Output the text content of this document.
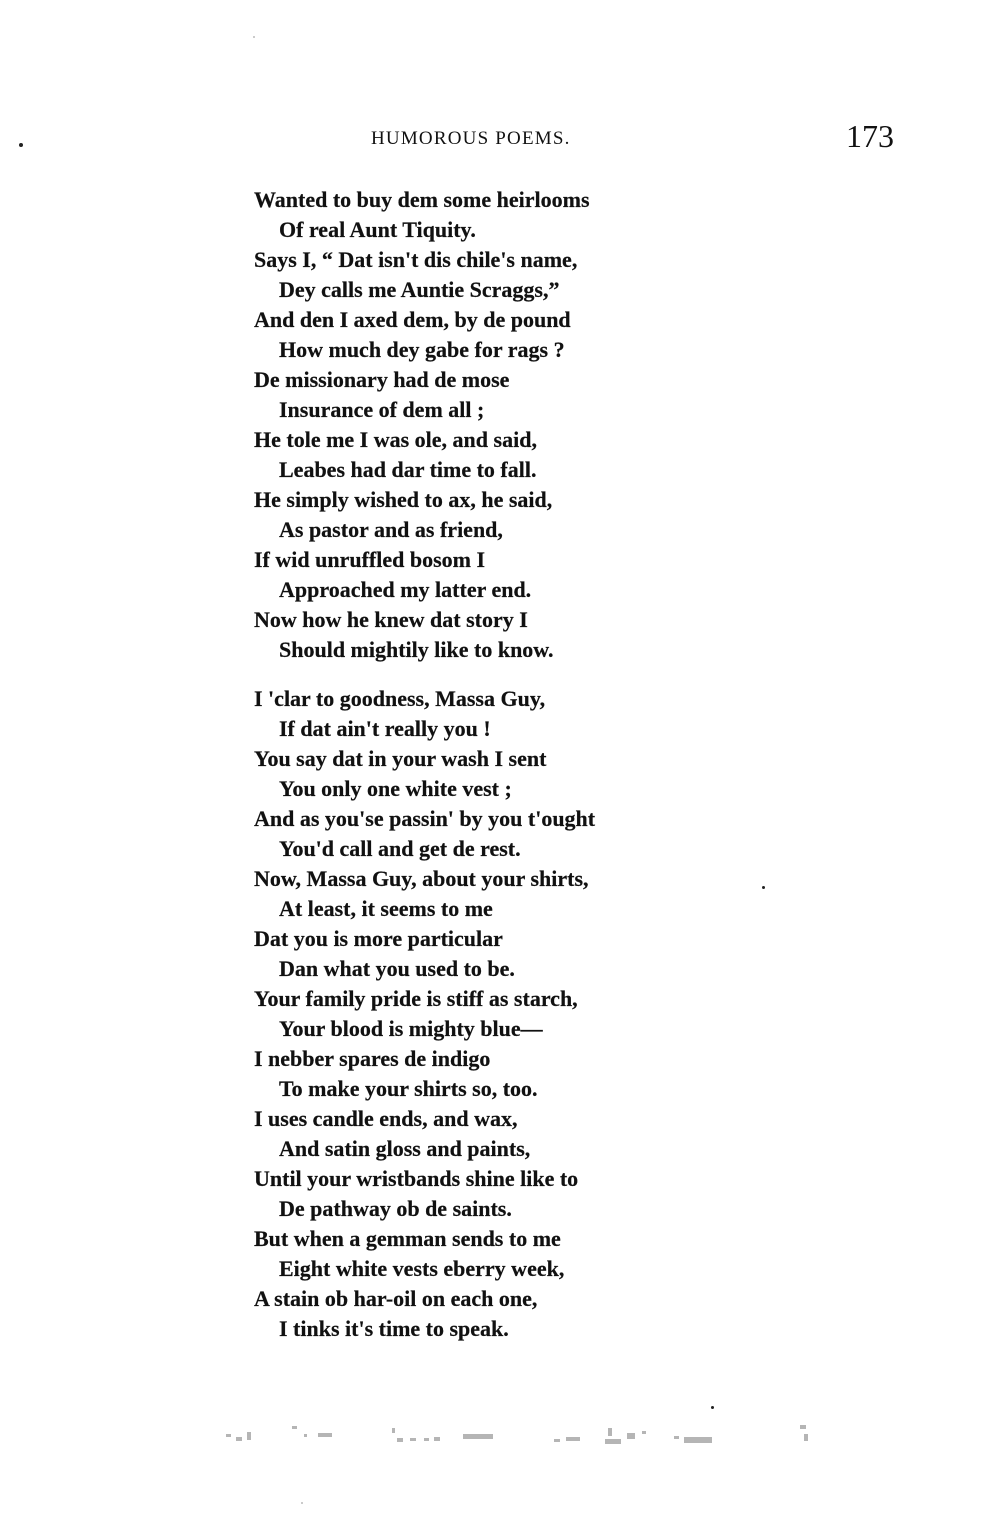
HUMOROUS POEMS.	173
Wanted to buy dem some heirlooms
Of real Aunt Tiquity.
Says I, “ Dat isn't dis chile's name,
Dey calls me Auntie Scraggs,”
And den I axed dem, by de pound
How much dey gabe for rags ?
De missionary had de mose
Insurance of dem all ;
He tole me I was ole, and said,
Leabes had dar time to fall.
He simply wished to ax, he said,
As pastor and as friend,
If wid unruffled bosom I
Approached my latter end.
Now how he knew dat story I
Should mightily like to know.
I 'clar to goodness, Massa Guy,
If dat ain't really you !
You say dat in your wash I sent
You only one white vest ;
And as you'se passin' by you t'ought
You'd call and get de rest.
Now, Massa Guy, about your shirts,
At least, it seems to me
Dat you is more particular
Dan what you used to be.
Your family pride is stiff as starch,
Your blood is mighty blue—
I nebber spares de indigo
To make your shirts so, too.
I uses candle ends, and wax,
And satin gloss and paints,
Until your wristbands shine like to
De pathway ob de saints.
But when a gemman sends to me
Eight white vests eberry week,
A stain ob har-oil on each one,
I tinks it's time to speak.
